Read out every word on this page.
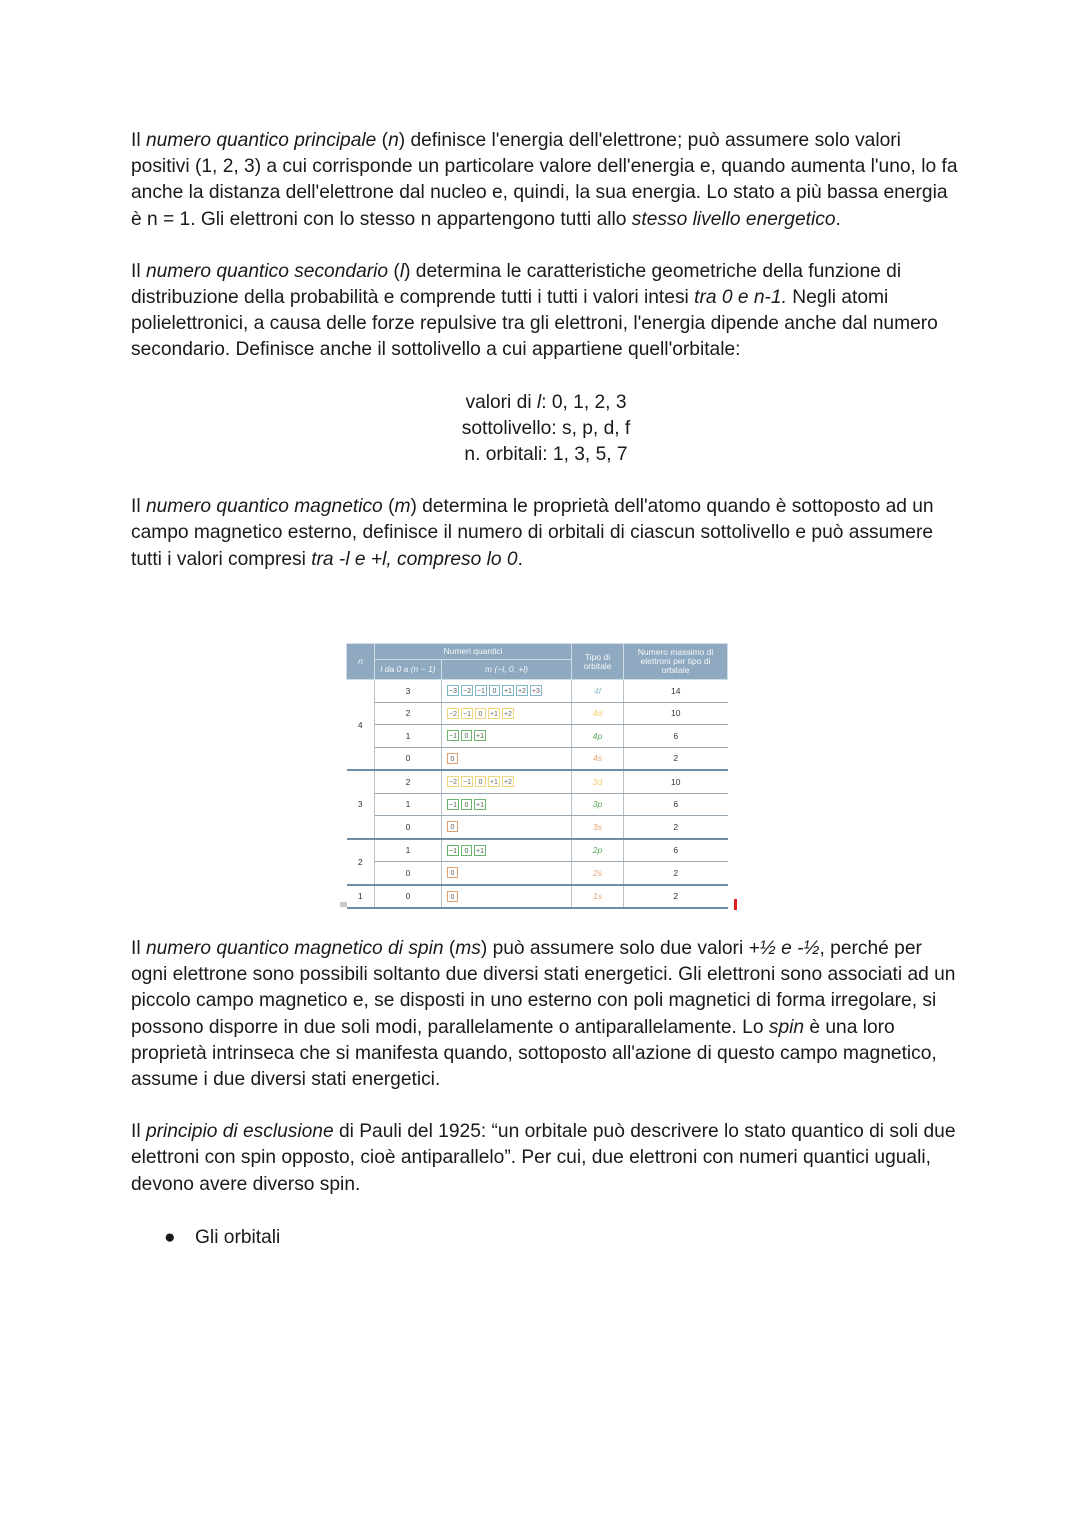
Il numero quantico principale (n) definisce l'energia dell'elettrone; può assumere solo valori positivi (1, 2, 3) a cui corrisponde un particolare valore dell'energia e, quando aumenta l'uno, lo fa anche la distanza dell'elettrone dal nucleo e, quindi, la sua energia. Lo stato a più bassa energia è n = 1. Gli elettroni con lo stesso n appartengono tutti allo stesso livello energetico.

Il numero quantico secondario (l) determina le caratteristiche geometriche della funzione di distribuzione della probabilità e comprende tutti i tutti i valori intesi tra 0 e n-1. Negli atomi polielettronici, a causa delle forze repulsive tra gli elettroni, l'energia dipende anche dal numero secondario. Definisce anche il sottolivello a cui appartiene quell'orbitale:

valori di l: 0, 1, 2, 3
sottolivello: s, p, d, f
n. orbitali: 1, 3, 5, 7

Il numero quantico magnetico (m) determina le proprietà dell'atomo quando è sottoposto ad un campo magnetico esterno, definisce il numero di orbitali di ciascun sottolivello e può assumere tutti i valori compresi tra -l e +l, compreso lo 0.

n	Numeri quantici		Tipo di orbitale	Numero massimo di elettroni per tipo di orbitale
	l da 0 a (n − 1)	m (−l, 0, +l)		
4	3	−3 −2 −1 0 +1 +2 +3	4f	14
	2	−2 −1 0 +1 +2	4d	10
	1	−1 0 +1	4p	6
	0	0	4s	2
3	2	−2 −1 0 +1 +2	3d	10
	1	−1 0 +1	3p	6
	0	0	3s	2
2	1	−1 0 +1	2p	6
	0	0	2s	2
1	0	0	1s	2

Il numero quantico magnetico di spin (ms) può assumere solo due valori +½ e -½, perché per ogni elettrone sono possibili soltanto due diversi stati energetici. Gli elettroni sono associati ad un piccolo campo magnetico e, se disposti in uno esterno con poli magnetici di forma irregolare, si possono disporre in due soli modi, parallelamente o antiparallelamente. Lo spin è una loro proprietà intrinseca che si manifesta quando, sottoposto all'azione di questo campo magnetico, assume i due diversi stati energetici.

Il principio di esclusione di Pauli del 1925: “un orbitale può descrivere lo stato quantico di soli due elettroni con spin opposto, cioè antiparallelo”. Per cui, due elettroni con numeri quantici uguali, devono avere diverso spin.

● Gli orbitali
